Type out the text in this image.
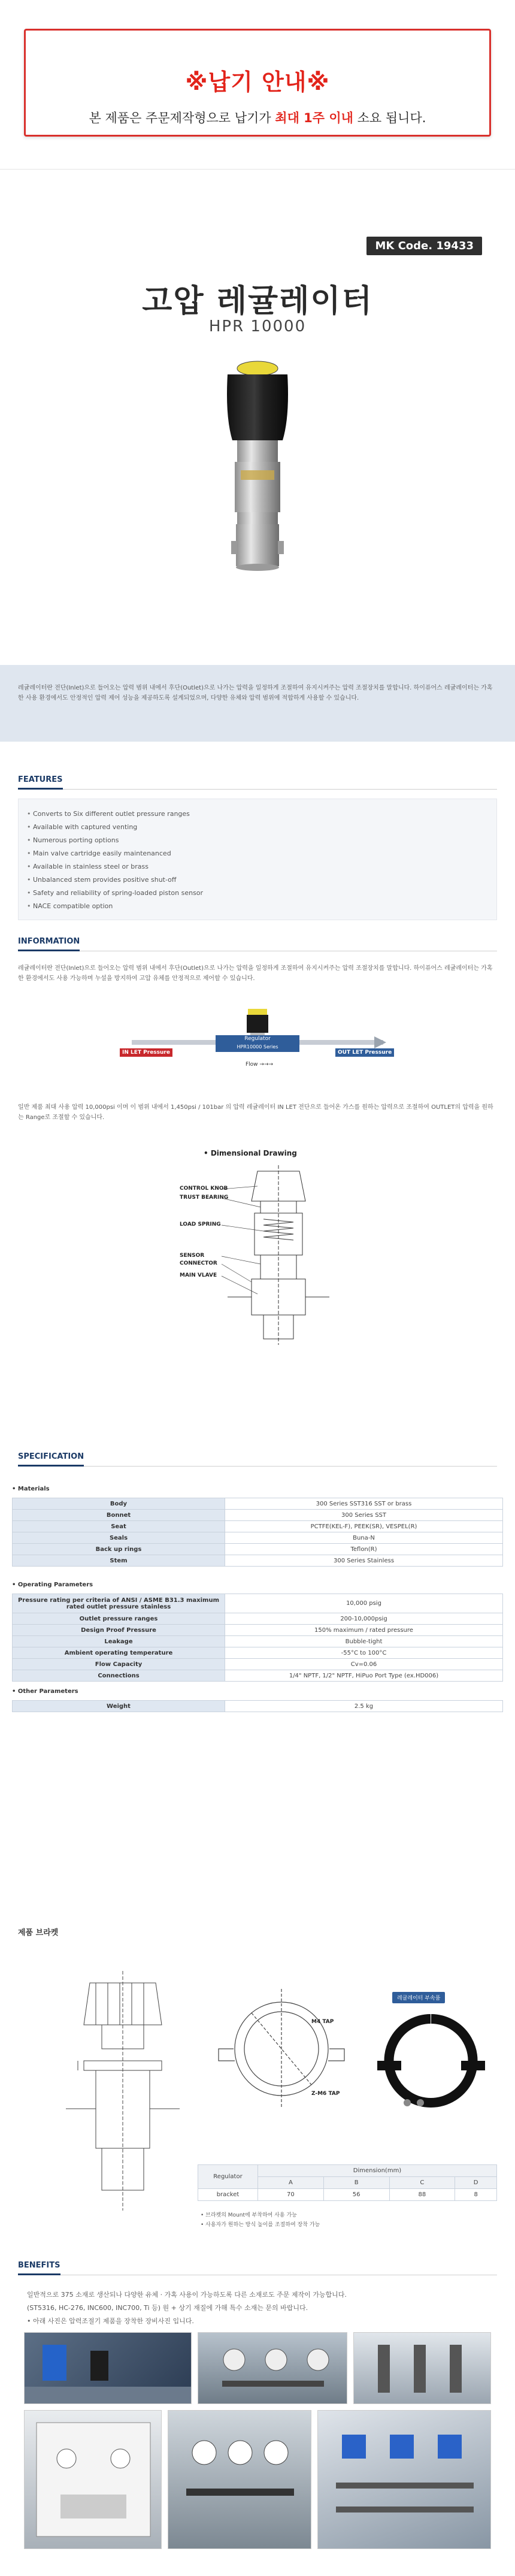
※납기 안내※
본 제품은 주문제작형으로 납기가 최대 1주 이내 소요 됩니다.
MK Code. 19433
고압 레귤레이터
HPR 10000

레귤레이터란 전단(Inlet)으로 들어오는 압력 범위 내에서 후단(Outlet)으로 나가는 압력을 일정하게 조절하여 유지시켜주는 압력 조절장치를 말합니다. 하이퓨어스 레귤레이터는 가혹한 사용 환경에서도 안정적인 압력 제어 성능을 제공하도록 설계되었으며, 다양한 유체와 압력 범위에 적합하게 사용할 수 있습니다.

FEATURES
• Converts to Six different outlet pressure ranges
• Available with captured venting
• Numerous porting options
• Main valve cartridge easily maintenanced
• Available in stainless steel or brass
• Unbalanced stem provides positive shut-off
• Safety and reliability of spring-loaded piston sensor
• NACE compatible option
INFORMATION

레귤레이터란 전단(Inlet)으로 들어오는 압력 범위 내에서 후단(Outlet)으로 나가는 압력을 일정하게 조절하여 유지시켜주는 압력 조절장치를 말합니다. 하이퓨어스 레귤레이터는 가혹한 환경에서도 사용 가능하며 누설을 방지하여 고압 유체를 안정적으로 제어할 수 있습니다.

IN LET Pressure
Regulator
HPR10000 Series
OUT LET Pressure
Flow →→→

일반 제품 최대 사용 압력 10,000psi 이며 이 범위 내에서 1,450psi / 101bar 의 압력 레귤레이터 IN LET 전단으로 들어온 가스를 원하는 압력으로 조절하여 OUTLET의 압력을 원하는 Range로 조절할 수 있습니다.

• Dimensional Drawing
CONTROL KNOB
TRUST BEARING
LOAD SPRING
SENSOR
CONNECTOR
MAIN VLAVE
SPECIFICATION
• Materials
Body	300 Series SST316 SST or brass
Bonnet	300 Series SST
Seat	PCTFE(KEL-F), PEEK(SR), VESPEL(R)
Seals	Buna-N
Back up rings	Teflon(R)
Stem	300 Series Stainless
• Operating Parameters
Pressure rating per criteria of ANSI / ASME B31.3 maximum rated outlet pressure stainless	10,000 psig
Outlet pressure ranges	200-10,000psig
Design Proof Pressure	150% maximum / rated pressure
Leakage	Bubble-tight
Ambient operating temperature	-55°C to 100°C
Flow Capacity	Cv=0.06
Connections	1/4" NPTF, 1/2" NPTF, HiPuo Port Type (ex.HD006)
• Other Parameters
Weight	2.5 kg
제품 브라켓
M4 TAP
Z-M6 TAP
레귤레이터 부속품
Regulator	Dimension(mm)			
	A	B	C	D
bracket	70	56	88	8
• 브라켓의 Mount에 부착하여 사용 가능
• 사용자가 원하는 방식 높이를 조절하여 장착 가능
BENEFITS
일반적으로 375 소재로 생산되나 다양한 유체 · 가혹 사용이 가능하도록 다른 소재로도 주문 제작이 가능합니다.
(ST5316, HC-276, INC600, INC700, Ti 등) 원 + 상기 재질에 가해 특수 소재는 문의 바랍니다.
• 아래 사진은 압력조절기 제품을 장착한 장비사진 입니다.
